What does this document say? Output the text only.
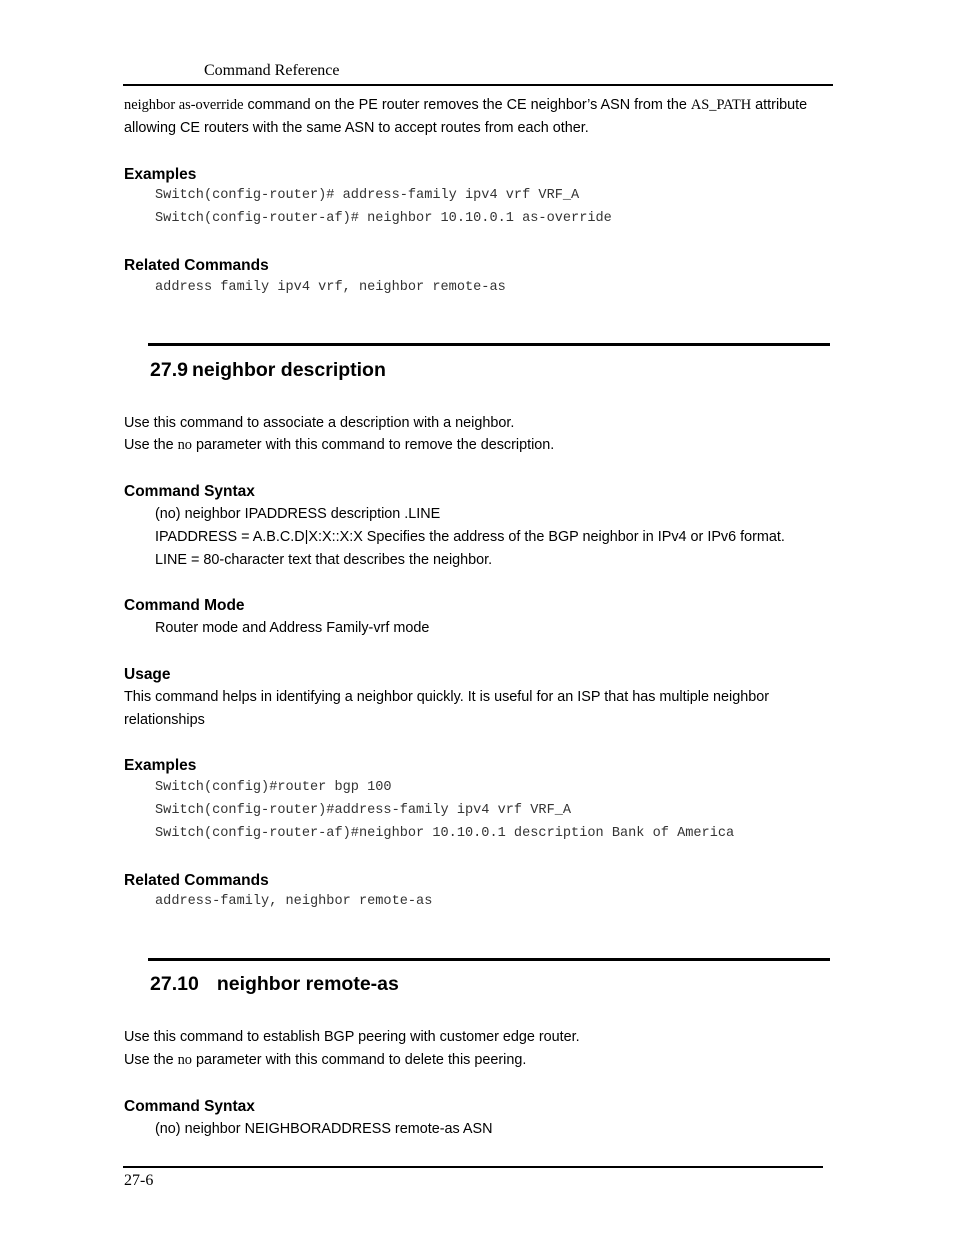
Command Reference
neighbor as-override command on the PE router removes the CE neighbor’s ASN from the AS_PATH attribute
allowing CE routers with the same ASN to accept routes from each other.
Examples
Switch(config-router)# address-family ipv4 vrf VRF_A
Switch(config-router-af)# neighbor 10.10.0.1 as-override
Related Commands
address family ipv4 vrf, neighbor remote-as
27.9 neighbor description
Use this command to associate a description with a neighbor.
Use the no parameter with this command to remove the description.
Command Syntax
(no) neighbor IPADDRESS description .LINE
IPADDRESS = A.B.C.D|X:X::X:X Specifies the address of the BGP neighbor in IPv4 or IPv6 format.
LINE = 80-character text that describes the neighbor.
Command Mode
Router mode and Address Family-vrf mode
Usage
This command helps in identifying a neighbor quickly. It is useful for an ISP that has multiple neighbor
relationships
Examples
Switch(config)#router bgp 100
Switch(config-router)#address-family ipv4 vrf VRF_A
Switch(config-router-af)#neighbor 10.10.0.1 description Bank of America
Related Commands
address-family, neighbor remote-as
27.10 neighbor remote-as
Use this command to establish BGP peering with customer edge router.
Use the no parameter with this command to delete this peering.
Command Syntax
(no) neighbor NEIGHBORADDRESS remote-as ASN
27-6
